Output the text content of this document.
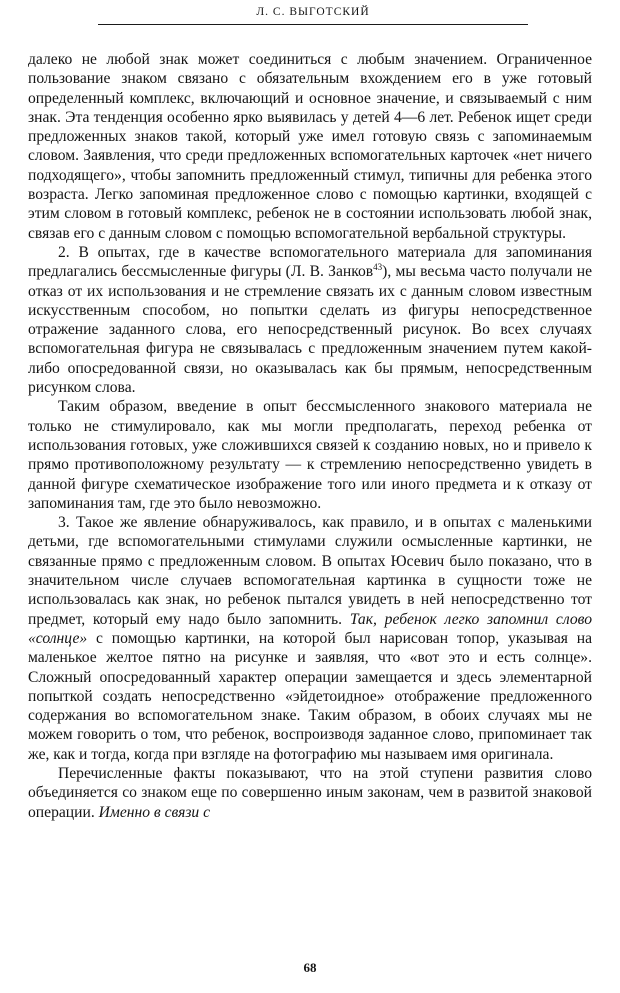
Л. С. ВЫГОТСКИЙ

далеко не любой знак может соединиться с любым значением. Ограниченное пользование знаком связано с обязательным вхождением его в уже готовый определенный комплекс, включающий и основное значение, и связываемый с ним знак. Эта тенденция особенно ярко выявилась у детей 4—6 лет. Ребенок ищет среди предложенных знаков такой, который уже имел готовую связь с запоминаемым словом. Заявления, что среди предложенных вспомогательных карточек «нет ничего подходящего», чтобы запомнить предложенный стимул, типичны для ребенка этого возраста. Легко запоминая предложенное слово с помощью картинки, входящей с этим словом в готовый комплекс, ребенок не в состоянии использовать любой знак, связав его с данным словом с помощью вспомогательной вербальной структуры.

2. В опытах, где в качестве вспомогательного материала для запоминания предлагались бессмысленные фигуры (Л. В. Занков$^{43}$), мы весьма часто получали не отказ от их использования и не стремление связать их с данным словом известным искусственным способом, но попытки сделать из фигуры непосредственное отражение заданного слова, его непосредственный рисунок. Во всех случаях вспомогательная фигура не связывалась с предложенным значением путем какой-либо опосредованной связи, но оказывалась как бы прямым, непосредственным рисунком слова.

Таким образом, введение в опыт бессмысленного знакового материала не только не стимулировало, как мы могли предполагать, переход ребенка от использования готовых, уже сложившихся связей к созданию новых, но и привело к прямо противоположному результату — к стремлению непосредственно увидеть в данной фигуре схематическое изображение того или иного предмета и к отказу от запоминания там, где это было невозможно.

3. Такое же явление обнаруживалось, как правило, и в опытах с маленькими детьми, где вспомогательными стимулами служили осмысленные картинки, не связанные прямо с предложенным словом. В опытах Юсевич было показано, что в значительном числе случаев вспомогательная картинка в сущности тоже не использовалась как знак, но ребенок пытался увидеть в ней непосредственно тот предмет, который ему надо было запомнить. Так, ребенок легко запомнил слово «солнце» с помощью картинки, на которой был нарисован топор, указывая на маленькое желтое пятно на рисунке и заявляя, что «вот это и есть солнце». Сложный опосредованный характер операции замещается и здесь элементарной попыткой создать непосредственно «эйдетоидное» отображение предложенного содержания во вспомогательном знаке. Таким образом, в обоих случаях мы не можем говорить о том, что ребенок, воспроизводя заданное слово, припоминает так же, как и тогда, когда при взгляде на фотографию мы называем имя оригинала.

Перечисленные факты показывают, что на этой ступени развития слово объединяется со знаком еще по совершенно иным законам, чем в развитой знаковой операции. Именно в связи с

68
